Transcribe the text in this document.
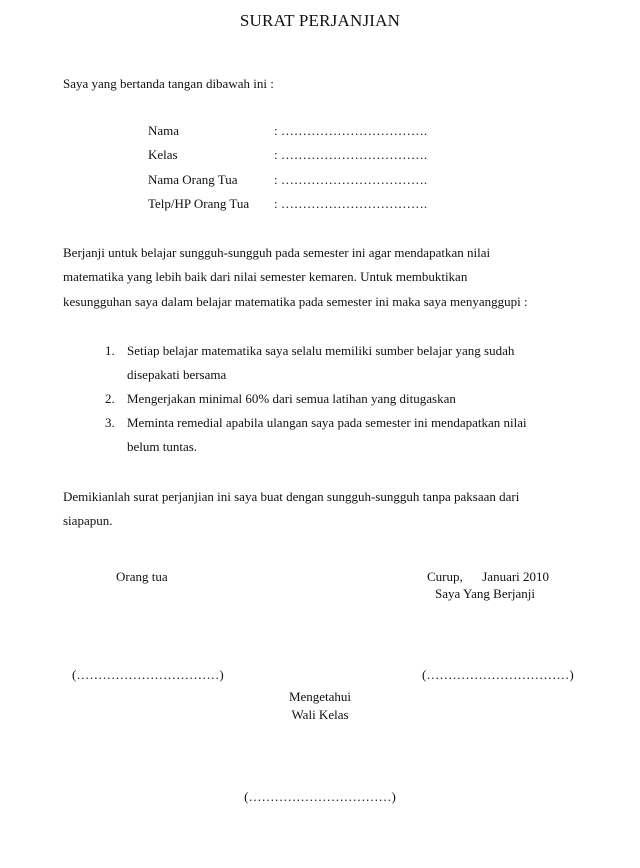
SURAT PERJANJIAN
Saya yang bertanda tangan dibawah ini :
Nama	: …………………………….
Kelas	: …………………………….
Nama Orang Tua	: …………………………….
Telp/HP Orang Tua : …………………………….
Berjanji untuk belajar sungguh-sungguh pada semester ini agar mendapatkan nilai
matematika yang lebih baik dari nilai semester kemaren. Untuk membuktikan
kesungguhan saya dalam belajar matematika pada semester ini maka saya menyanggupi :
1. Setiap belajar matematika saya selalu memiliki sumber belajar yang sudah
disepakati bersama
2. Mengerjakan minimal 60% dari semua latihan yang ditugaskan
3. Meminta remedial apabila ulangan saya pada semester ini mendapatkan nilai
belum tuntas.
Demikianlah surat perjanjian ini saya buat dengan sungguh-sungguh tanpa paksaan dari
siapapun.
Orang tua	Curup,      Januari 2010
Saya Yang Berjanji
(……………………………)	(……………………………)
Mengetahui
Wali Kelas
(……………………………)
